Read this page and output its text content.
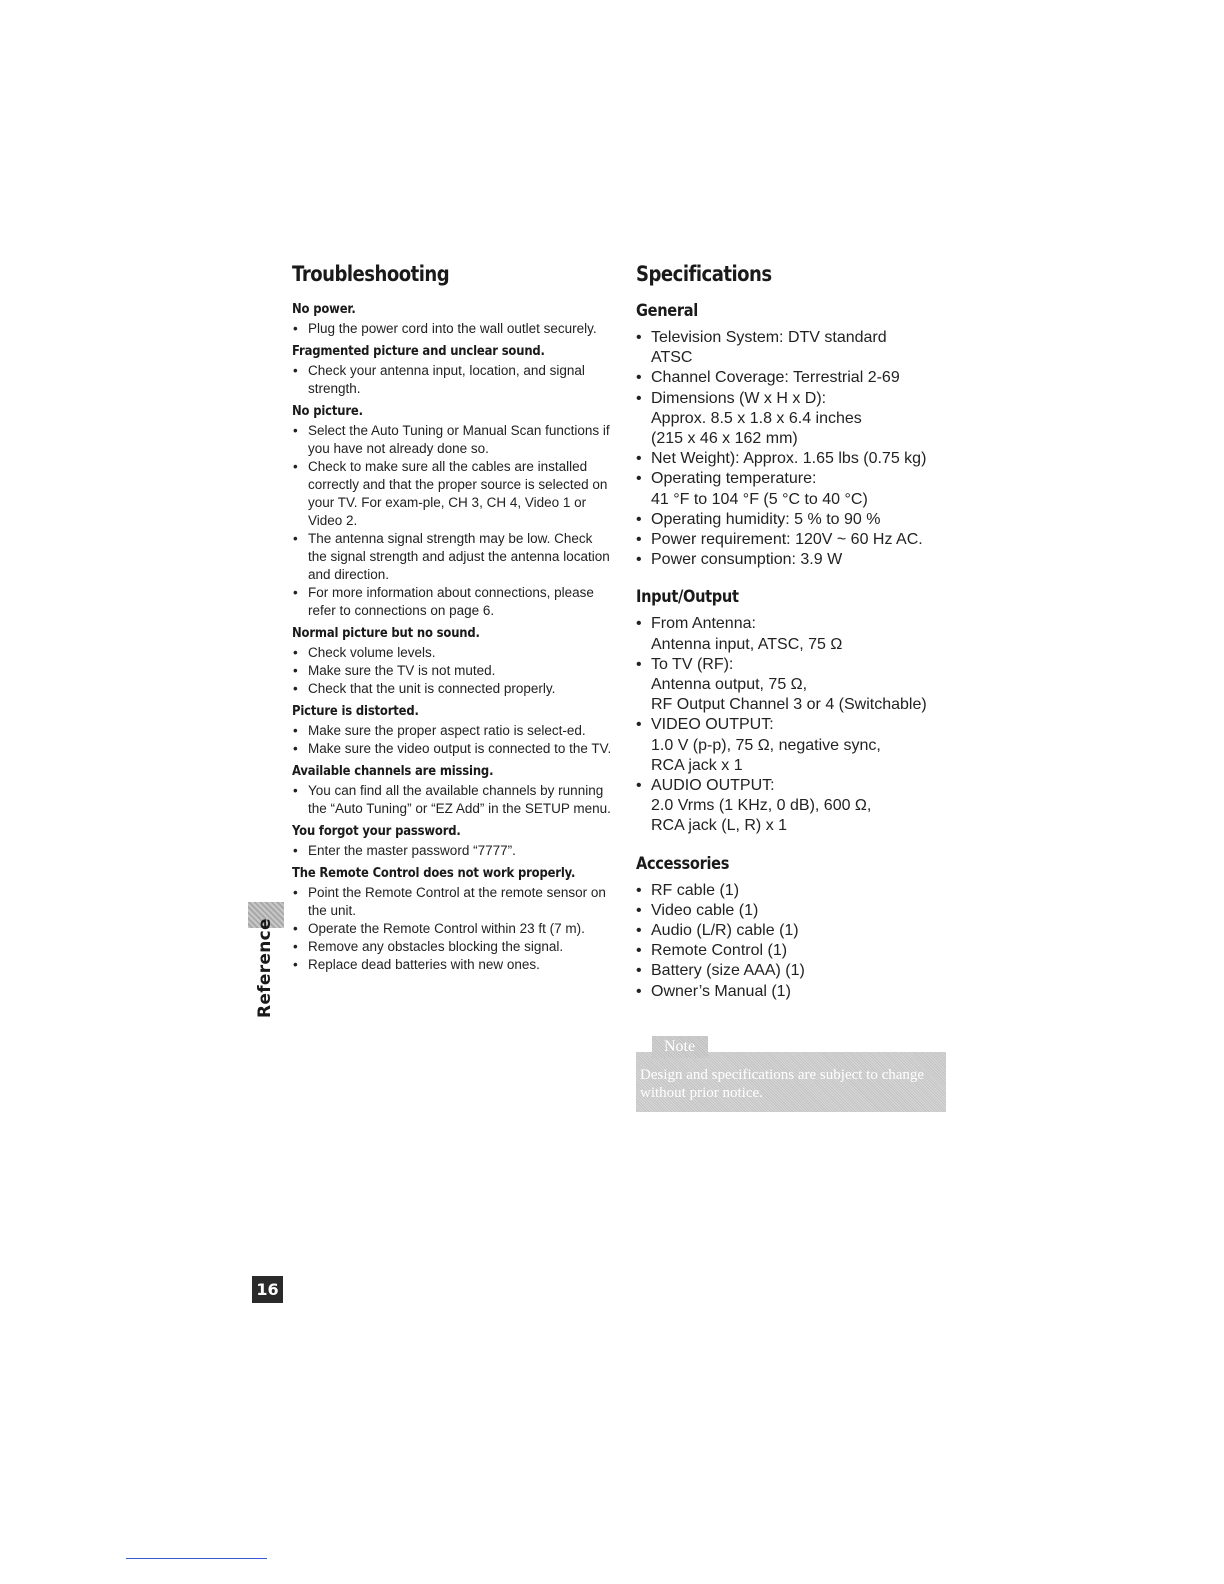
Troubleshooting
No power.
• Plug the power cord into the wall outlet securely.
Fragmented picture and unclear sound.
• Check your antenna input, location, and signal strength.
No picture.
• Select the Auto Tuning or Manual Scan functions if you have not already done so.
• Check to make sure all the cables are installed correctly and that the proper source is selected on your TV. For exam-ple, CH 3, CH 4, Video 1 or Video 2.
• The antenna signal strength may be low. Check the signal strength and adjust the antenna location and direction.
• For more information about connections, please refer to connections on page 6.
Normal picture but no sound.
• Check volume levels.
• Make sure the TV is not muted.
• Check that the unit is connected properly.
Picture is distorted.
• Make sure the proper aspect ratio is select-ed.
• Make sure the video output is connected to the TV.
Available channels are missing.
• You can find all the available channels by running the “Auto Tuning” or “EZ Add” in the SETUP menu.
You forgot your password.
• Enter the master password “7777”.
The Remote Control does not work properly.
• Point the Remote Control at the remote sensor on the unit.
• Operate the Remote Control within 23 ft (7 m).
• Remove any obstacles blocking the signal.
• Replace dead batteries with new ones.
Specifications
General
• Television System: DTV standard
ATSC
• Channel Coverage: Terrestrial 2-69
• Dimensions (W x H x D):
Approx. 8.5 x 1.8 x 6.4 inches
(215 x 46 x 162 mm)
• Net Weight): Approx. 1.65 lbs (0.75 kg)
• Operating temperature:
41 °F to 104 °F (5 °C to 40 °C)
• Operating humidity: 5 % to 90 %
• Power requirement: 120V ~ 60 Hz AC.
• Power consumption: 3.9 W
Input/Output
• From Antenna:
Antenna input, ATSC, 75 Ω
• To TV (RF):
Antenna output, 75 Ω,
RF Output Channel 3 or 4 (Switchable)
• VIDEO OUTPUT:
1.0 V (p-p), 75 Ω, negative sync,
RCA jack x 1
• AUDIO OUTPUT:
2.0 Vrms (1 KHz, 0 dB), 600 Ω,
RCA jack (L, R) x 1
Accessories
• RF cable (1)
• Video cable (1)
• Audio (L/R) cable (1)
• Remote Control (1)
• Battery (size AAA) (1)
• Owner’s Manual (1)
Reference
Note
Design and specifications are subject to change without prior notice.
16
